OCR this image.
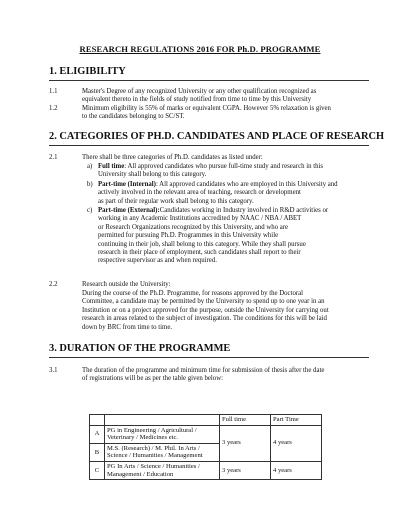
RESEARCH REGULATIONS 2016 FOR Ph.D. PROGRAMME
1. ELIGIBILITY
1.1	Master's Degree of any recognized University or any other qualification recognized as
equivalent thereto in the fields of study notified from time to time by this University
1.2	Minimum eligibility is 55% of marks or equivalent CGPA. However 5% relaxation is given
to the candidates belonging to SC/ST.
2. CATEGORIES OF PH.D. CANDIDATES AND PLACE OF RESEARCH
2.1	There shall be three categories of Ph.D. candidates as listed under:
a) Full time: All approved candidates who pursue full-time study and research in this
University shall belong to this category.
b) Part-time (Internal): All approved candidates who are employed in this University and
actively involved in the relevant area of teaching, research or development
as part of their regular work shall belong to this category.
c) Part-time (External):Candidates working in Industry involved in R&D activities or
working in any Academic Institutions accredited by NAAC / NBA / ABET
or Research Organizations recognized by this University, and who are
permitted for pursuing Ph.D. Programmes in this University while
continuing in their job, shall belong to this category. While they shall pursue
research in their place of employment, such candidates shall report to their
respective supervisor as and when required.
2.2	Research outside the University:
During the course of the Ph.D. Programme, for reasons approved by the Doctoral
Committee, a candidate may be permitted by the University to spend up to one year in an
Institution or on a project approved for the purpose, outside the University for carrying out
research in areas related to the subject of investigation. The conditions for this will be laid
down by BRC from time to time.
3. DURATION OF THE PROGRAMME
3.1	The duration of the programme and minimum time for submission of thesis after the date
of registrations will be as per the table given below:
		Full time	Part Time
A	PG in Engineering / Agricultural / Veterinary / Medicines etc.	3 years	4 years
B	M.S. (Research) / M. Phil. In Arts / Science / Humanities / Management		
C	PG In Arts / Science / Humanities / Management / Education	3 years	4 years
